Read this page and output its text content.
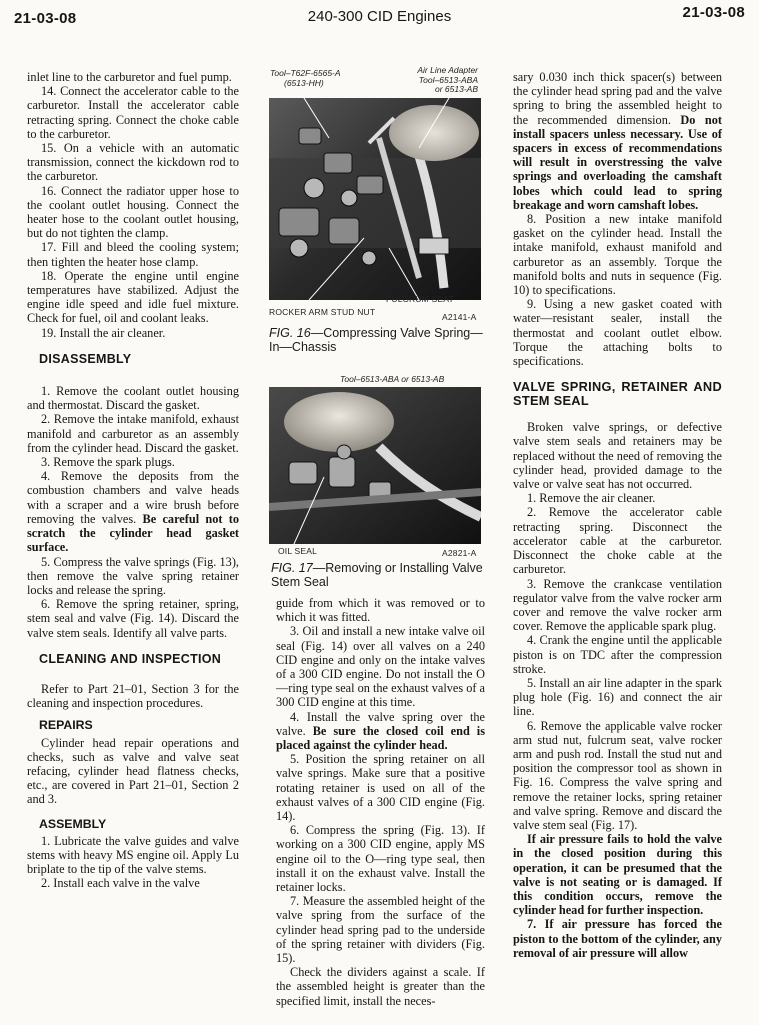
21-03-08	240-300 CID Engines	21-03-08

inlet line to the carburetor and fuel pump.

14. Connect the accelerator cable to the carburetor. Install the accelerator cable retracting spring. Connect the choke cable to the carburetor.

15. On a vehicle with an automatic transmission, connect the kickdown rod to the carburetor.

16. Connect the radiator upper hose to the coolant outlet housing. Connect the heater hose to the coolant outlet housing, but do not tighten the clamp.

17. Fill and bleed the cooling system; then tighten the heater hose clamp.

18. Operate the engine until engine temperatures have stabilized. Adjust the engine idle speed and idle fuel mixture. Check for fuel, oil and coolant leaks.

19. Install the air cleaner.

DISASSEMBLY

1. Remove the coolant outlet housing and thermostat. Discard the gasket.

2. Remove the intake manifold, exhaust manifold and carburetor as an assembly from the cylinder head. Discard the gasket.

3. Remove the spark plugs.

4. Remove the deposits from the combustion chambers and valve heads with a scraper and a wire brush before removing the valves. Be careful not to scratch the cylinder head gasket surface.

5. Compress the valve springs (Fig. 13), then remove the valve spring retainer locks and release the spring.

6. Remove the spring retainer, spring, stem seal and valve (Fig. 14). Discard the valve stem seals. Identify all valve parts.

CLEANING AND INSPECTION

Refer to Part 21–01, Section 3 for the cleaning and inspection procedures.

REPAIRS

Cylinder head repair operations and checks, such as valve and valve seat refacing, cylinder head flatness checks, etc., are covered in Part 21–01, Section 2 and 3.

ASSEMBLY

1. Lubricate the valve guides and valve stems with heavy MS engine oil. Apply Lu briplate to the tip of the valve stems.

2. Install each valve in the valve

Tool–T62F-6565-A
(6513-HH)
Air Line Adapter
Tool–6513-ABA
or 6513-AB
FULCRUM SEAT
ROCKER ARM STUD NUT	A2141-A
FIG. 16—Compressing Valve Spring—In—Chassis
Tool–6513-ABA or 6513-AB
OIL SEAL	A2821-A
FIG. 17—Removing or Installing Valve Stem Seal

guide from which it was removed or to which it was fitted.

3. Oil and install a new intake valve oil seal (Fig. 14) over all valves on a 240 CID engine and only on the intake valves of a 300 CID engine. Do not install the O—ring type seal on the exhaust valves of a 300 CID engine at this time.

4. Install the valve spring over the valve. Be sure the closed coil end is placed against the cylinder head.

5. Position the spring retainer on all valve springs. Make sure that a positive rotating retainer is used on all of the exhaust valves of a 300 CID engine (Fig. 14).

6. Compress the spring (Fig. 13). If working on a 300 CID engine, apply MS engine oil to the O—ring type seal, then install it on the exhaust valve. Install the retainer locks.

7. Measure the assembled height of the valve spring from the surface of the cylinder head spring pad to the underside of the spring retainer with dividers (Fig. 15).

Check the dividers against a scale. If the assembled height is greater than the specified limit, install the neces-

sary 0.030 inch thick spacer(s) between the cylinder head spring pad and the valve spring to bring the assembled height to the recommended dimension. Do not install spacers unless necessary. Use of spacers in excess of recommendations will result in overstressing the valve springs and overloading the camshaft lobes which could lead to spring breakage and worn camshaft lobes.

8. Position a new intake manifold gasket on the cylinder head. Install the intake manifold, exhaust manifold and carburetor as an assembly. Torque the manifold bolts and nuts in sequence (Fig. 10) to specifications.

9. Using a new gasket coated with water—resistant sealer, install the thermostat and coolant outlet elbow. Torque the attaching bolts to specifications.

VALVE SPRING, RETAINER AND STEM SEAL

Broken valve springs, or defective valve stem seals and retainers may be replaced without the need of removing the cylinder head, provided damage to the valve or valve seat has not occurred.

1. Remove the air cleaner.

2. Remove the accelerator cable retracting spring. Disconnect the accelerator cable at the carburetor. Disconnect the choke cable at the carburetor.

3. Remove the crankcase ventilation regulator valve from the valve rocker arm cover and remove the valve rocker arm cover. Remove the applicable spark plug.

4. Crank the engine until the applicable piston is on TDC after the compression stroke.

5. Install an air line adapter in the spark plug hole (Fig. 16) and connect the air line.

6. Remove the applicable valve rocker arm stud nut, fulcrum seat, valve rocker arm and push rod. Install the stud nut and position the compressor tool as shown in Fig. 16. Compress the valve spring and remove the retainer locks, spring retainer and valve spring. Remove and discard the valve stem seal (Fig. 17).

If air pressure fails to hold the valve in the closed position during this operation, it can be presumed that the valve is not seating or is damaged. If this condition occurs, remove the cylinder head for further inspection.

7. If air pressure has forced the piston to the bottom of the cylinder, any removal of air pressure will allow
